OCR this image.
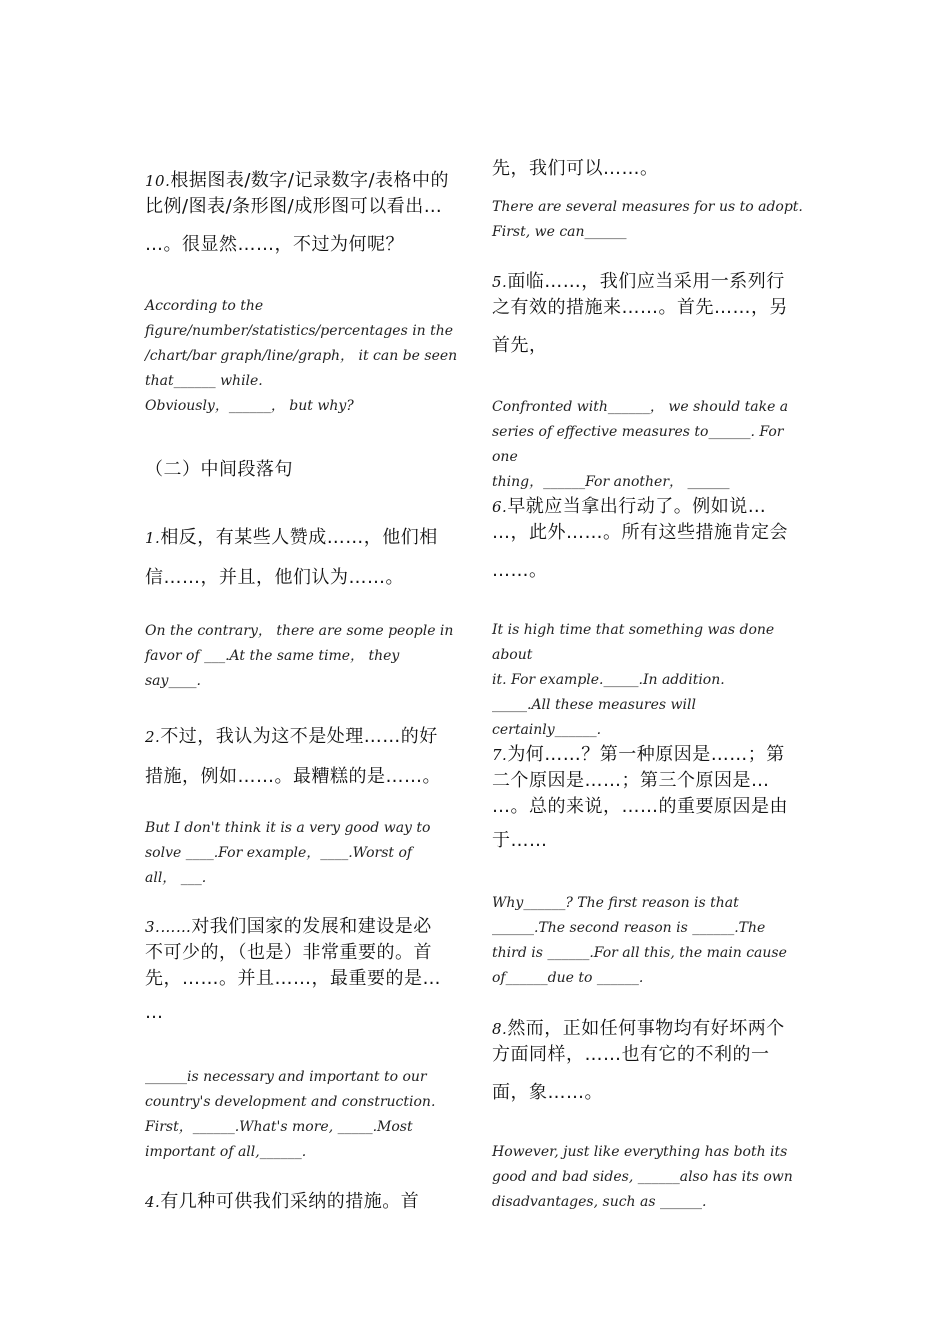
10.根据图表/数字/记录数字/表格中的

比例/图表/条形图/成形图可以看出…

…。很显然……，不过为何呢？

According to the

figure/number/statistics/percentages in the

/chart/bar graph/line/graph， it can be seen

that______ while.

Obviously，______， but why?

（二）中间段落句

1.相反，有某些人赞成……，他们相

信……，并且，他们认为……。

On the contrary， there are some people in

favor of ___.At the same time， they

say____.

2.不过，我认为这不是处理……的好

措施，例如……。最糟糕的是……。

But I don't think it is a very good way to

solve ____.For example，____.Worst of

all， ___.

3.……对我们国家的发展和建设是必

不可少的，（也是）非常重要的。首

先，……。并且……，最重要的是…

…

______is necessary and important to our

country's development and construction.

First，______.What's more, _____.Most

important of all,______.

4.有几种可供我们采纳的措施。首

先，我们可以……。

There are several measures for us to adopt.

First, we can______

5.面临……，我们应当采用一系列行

之有效的措施来……。首先……，另

首先，

Confronted with______， we should take a

series of effective measures to______. For one

thing，______For another， ______

6.早就应当拿出行动了。例如说…

…，此外……。所有这些措施肯定会

……。

It is high time that something was done about

it. For example._____.In addition.

_____.All these measures will

certainly______.

7.为何……？第一种原因是……；第

二个原因是……；第三个原因是…

…。总的来说，……的重要原因是由

于……

Why______? The first reason is that

______.The second reason is ______.The

third is ______.For all this, the main cause

of______due to ______.

8.然而，正如任何事物均有好坏两个

方面同样，……也有它的不利的一

面，象……。

However, just like everything has both its

good and bad sides, ______also has its own

disadvantages, such as ______.
